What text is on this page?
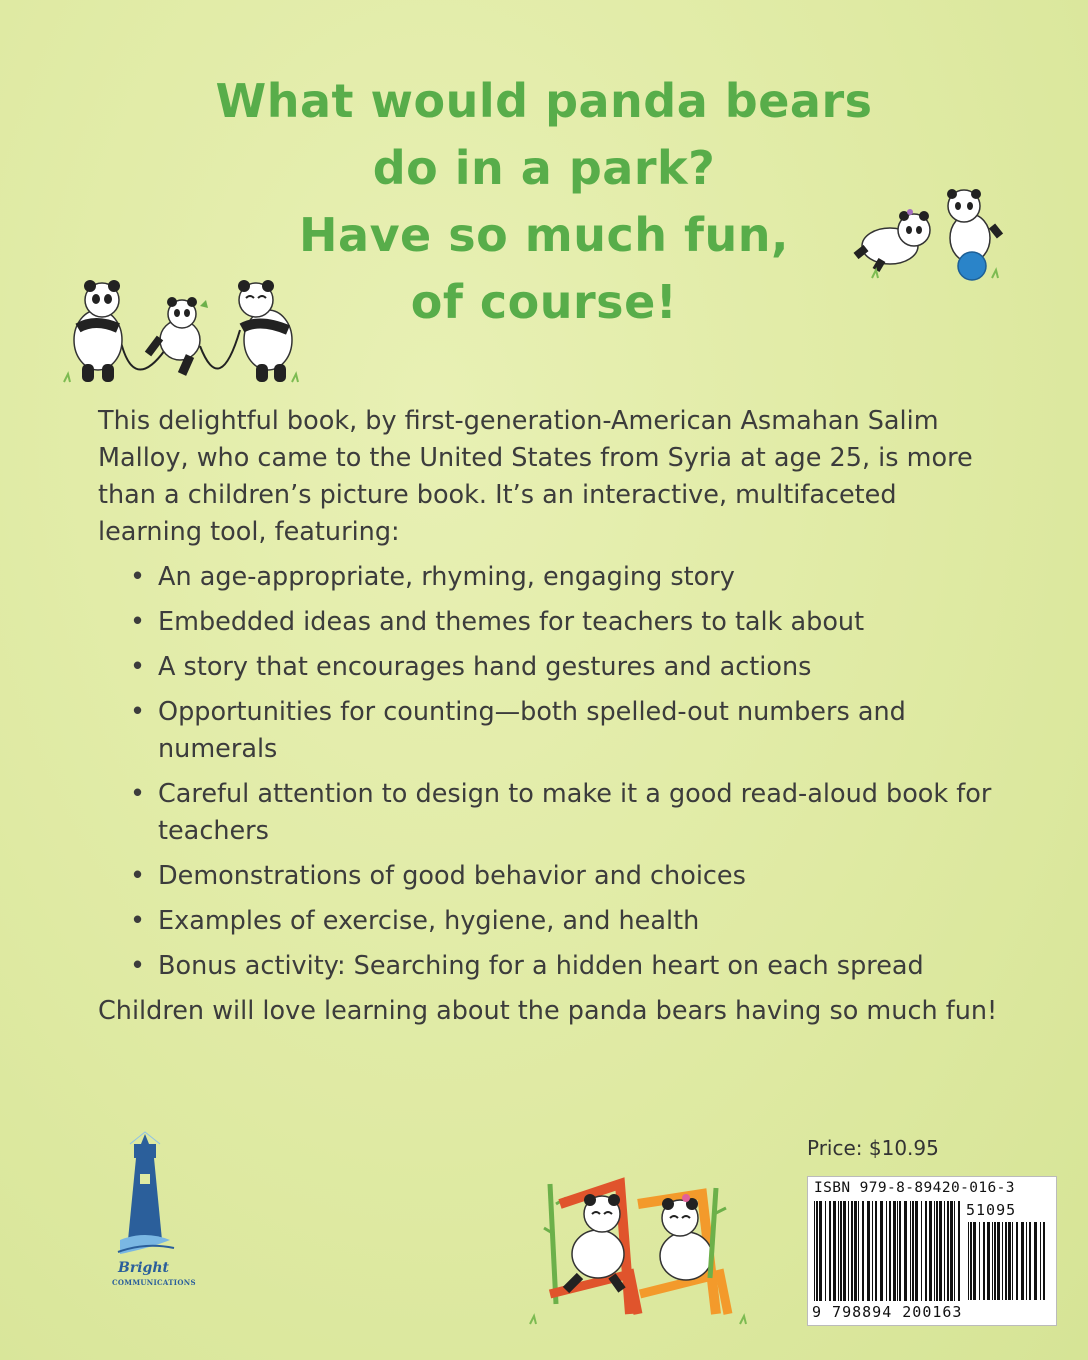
What would panda bears
do in a park?
Have so much fun,
of course!

This delightful book, by first-generation-American Asmahan Salim Malloy, who came to the United States from Syria at age 25, is more than a children’s picture book. It’s an interactive, multifaceted learning tool, featuring:

• An age-appropriate, rhyming, engaging story
• Embedded ideas and themes for teachers to talk about
• A story that encourages hand gestures and actions
• Opportunities for counting—both spelled-out numbers and numerals
• Careful attention to design to make it a good read-aloud book for teachers
• Demonstrations of good behavior and choices
• Examples of exercise, hygiene, and health
• Bonus activity: Searching for a hidden heart on each spread

Children will love learning about the panda bears having so much fun!

Bright
COMMUNICATIONS
Price: $10.95
ISBN 979-8-89420-016-3
51095
9 798894 200163
